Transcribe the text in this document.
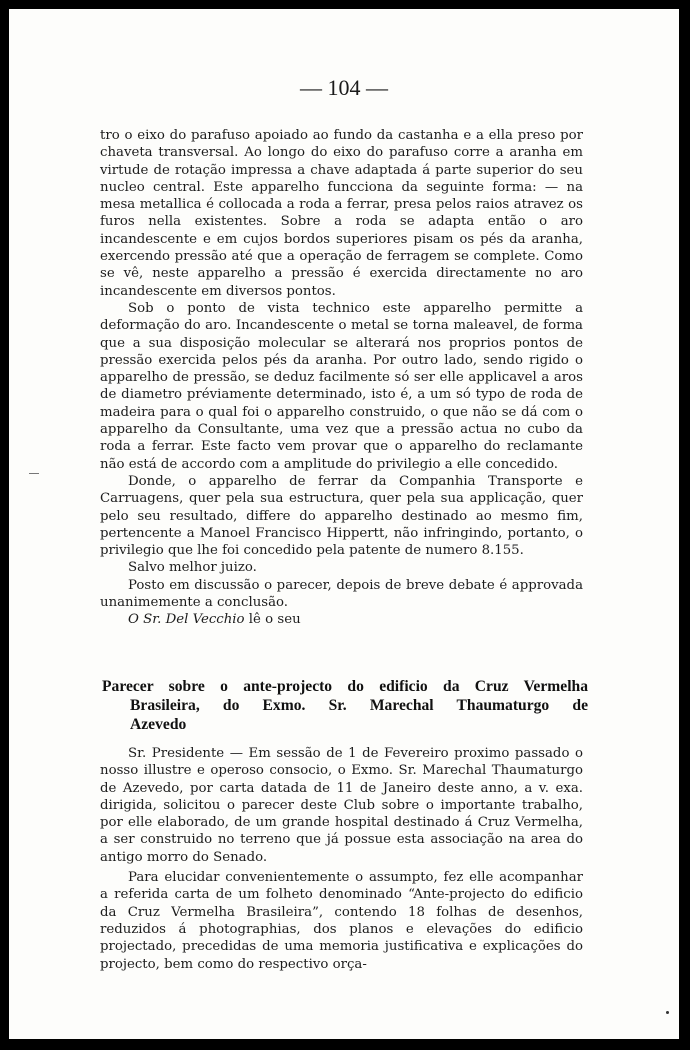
— 104 —

tro o eixo do parafuso apoiado ao fundo da castanha e a ella preso por chaveta transversal. Ao longo do eixo do parafuso corre a aranha em virtude de rotação impressa a chave adaptada á parte superior do seu nucleo central. Este apparelho funcciona da seguinte forma: — na mesa metallica é collocada a roda a ferrar, presa pelos raios atravez os furos nella existentes. Sobre a roda se adapta então o aro incandescente e em cujos bordos superiores pisam os pés da aranha, exercendo pressão até que a operação de ferragem se complete. Como se vê, neste apparelho a pressão é exercida directamente no aro incandescente em diversos pontos.

Sob o ponto de vista technico este apparelho permitte a deformação do aro. Incandescente o metal se torna maleavel, de forma que a sua disposição molecular se alterará nos proprios pontos de pressão exercida pelos pés da aranha. Por outro lado, sendo rigido o apparelho de pressão, se deduz facilmente só ser elle applicavel a aros de diametro préviamente determinado, isto é, a um só typo de roda de madeira para o qual foi o apparelho construido, o que não se dá com o apparelho da Consultante, uma vez que a pressão actua no cubo da roda a ferrar. Este facto vem provar que o apparelho do reclamante não está de accordo com a amplitude do privilegio a elle concedido.

Donde, o apparelho de ferrar da Companhia Transporte e Carruagens, quer pela sua estructura, quer pela sua applicação, quer pelo seu resultado, differe do apparelho destinado ao mesmo fim, pertencente a Manoel Francisco Hippertt, não infringindo, portanto, o privilegio que lhe foi concedido pela patente de numero 8.155.

Salvo melhor juizo.

Posto em discussão o parecer, depois de breve debate é approvada unanimemente a conclusão.

O Sr. Del Vecchio lê o seu

Parecer sobre o ante-projecto do edificio da Cruz Vermelha
Brasileira, do Exmo. Sr. Marechal Thaumaturgo de
Azevedo

Sr. Presidente — Em sessão de 1 de Fevereiro proximo passado o nosso illustre e operoso consocio, o Exmo. Sr. Marechal Thaumaturgo de Azevedo, por carta datada de 11 de Janeiro deste anno, a v. exa. dirigida, solicitou o parecer deste Club sobre o importante trabalho, por elle elaborado, de um grande hospital destinado á Cruz Vermelha, a ser construido no terreno que já possue esta associação na area do antigo morro do Senado.

Para elucidar convenientemente o assumpto, fez elle acompanhar a referida carta de um folheto denominado “Ante-projecto do edificio da Cruz Vermelha Brasileira”, contendo 18 folhas de desenhos, reduzidos á photographias, dos planos e elevações do edificio projectado, precedidas de uma memoria justificativa e explicações do projecto, bem como do respectivo orça-
